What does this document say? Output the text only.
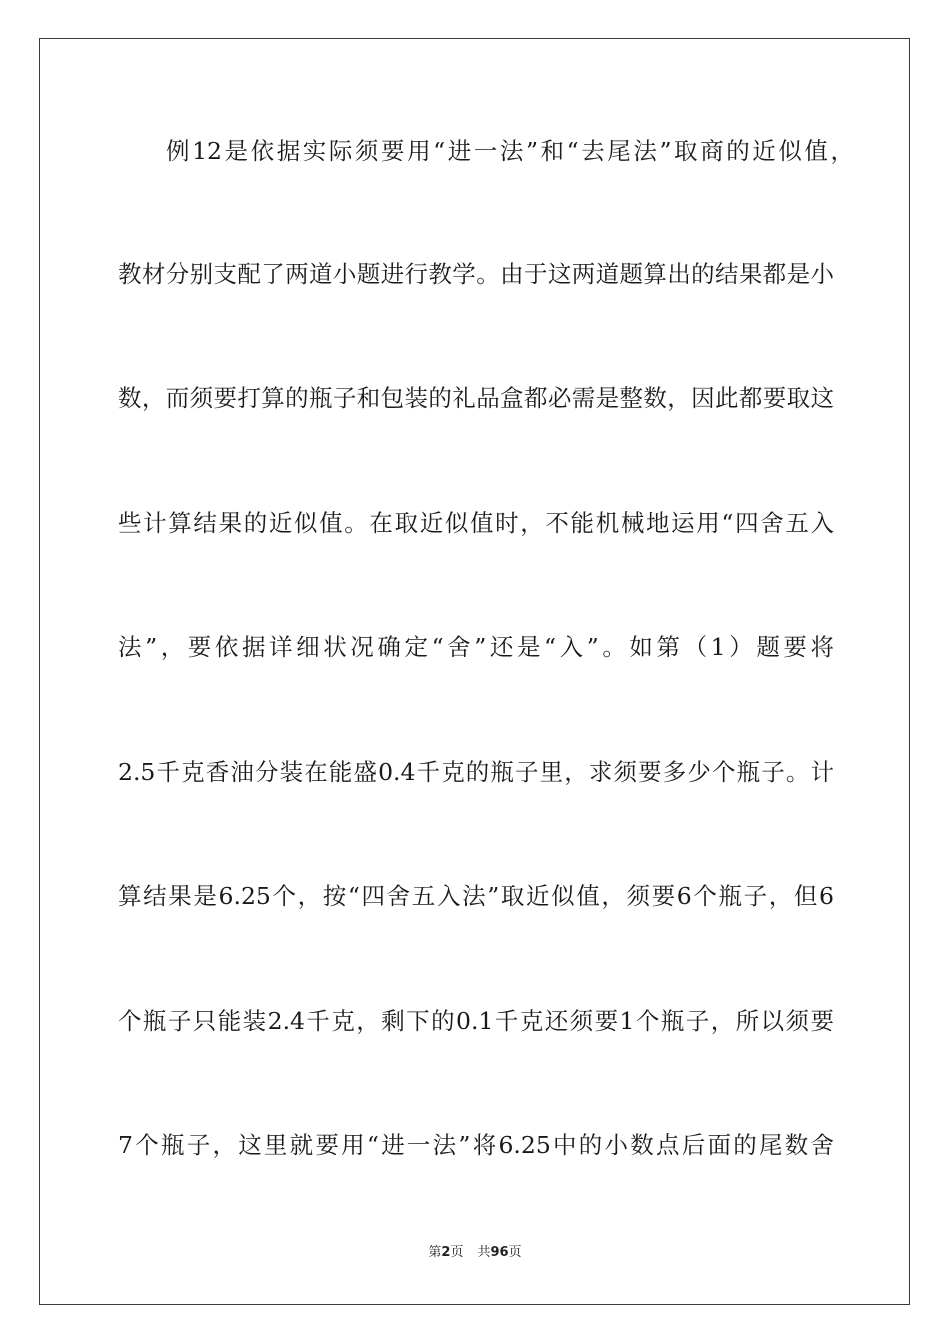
例12是依据实际须要用“进一法”和“去尾法”取商的近似值，
教材分别支配了两道小题进行教学。由于这两道题算出的结果都是小
数，而须要打算的瓶子和包装的礼品盒都必需是整数，因此都要取这
些计算结果的近似值。在取近似值时，不能机械地运用“四舍五入
法”，要依据详细状况确定“舍”还是“入”。如第（1）题要将
2.5千克香油分装在能盛0.4千克的瓶子里，求须要多少个瓶子。计
算结果是6.25个，按“四舍五入法”取近似值，须要6个瓶子，但6
个瓶子只能装2.4千克，剩下的0.1千克还须要1个瓶子，所以须要
7个瓶子，这里就要用“进一法”将6.25中的小数点后面的尾数舍
第2页 共96页
